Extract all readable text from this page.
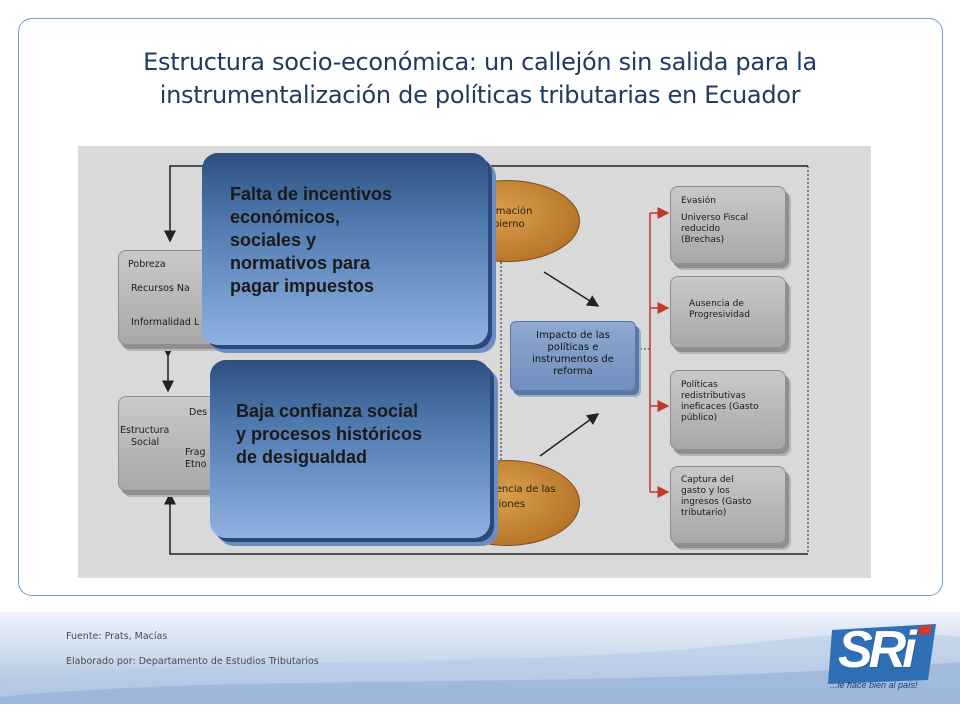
Estructura socio-económica: un callejón sin salida para la
instrumentalización de políticas tributarias en Ecuador
Pobreza
Recursos Na
Informalidad L
Des
Estructura
Social
Frag
Etno
imación
bierno
iencia de las
ciones
Impacto de las
políticas e
instrumentos de
reforma
Evasión
Universo Fiscal
reducido
(Brechas)
Ausencia de
Progresividad
Políticas
redistributivas
ineficaces (Gasto
público)
Captura del
gasto y los
ingresos (Gasto
tributario)
Falta de incentivos
económicos,
sociales y
normativos para
pagar impuestos
Baja confianza social
y procesos históricos
de desigualdad
Fuente: Prats, Macías
Elaborado por: Departamento de Estudios Tributarios	SRi
...le hace bien al país!
